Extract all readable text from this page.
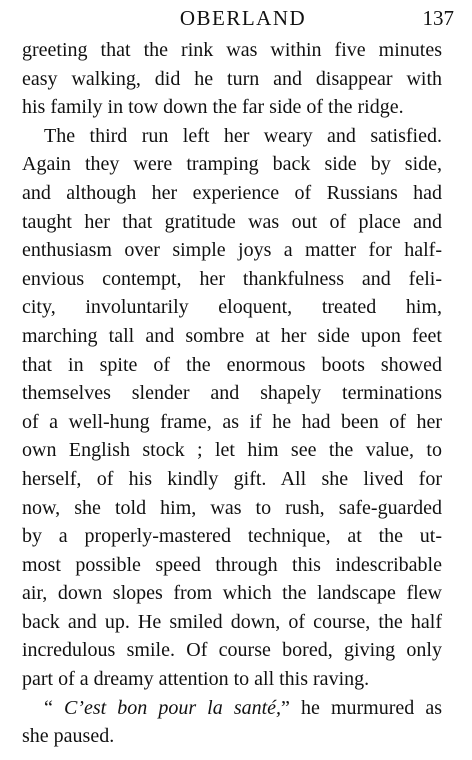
OBERLAND	137
greeting that the rink was within five minutes
easy walking, did he turn and disappear with
his family in tow down the far side of the ridge.
The third run left her weary and satisfied.
Again they were tramping back side by side,
and although her experience of Russians had
taught her that gratitude was out of place and
enthusiasm over simple joys a matter for half-
envious contempt, her thankfulness and feli-
city, involuntarily eloquent, treated him,
marching tall and sombre at her side upon feet
that in spite of the enormous boots showed
themselves slender and shapely terminations
of a well-hung frame, as if he had been of her
own English stock ; let him see the value, to
herself, of his kindly gift. All she lived for
now, she told him, was to rush, safe-guarded
by a properly-mastered technique, at the ut-
most possible speed through this indescribable
air, down slopes from which the landscape flew
back and up. He smiled down, of course, the half
incredulous smile. Of course bored, giving only
part of a dreamy attention to all this raving.
“ C’est bon pour la santé,” he murmured as
she paused.
